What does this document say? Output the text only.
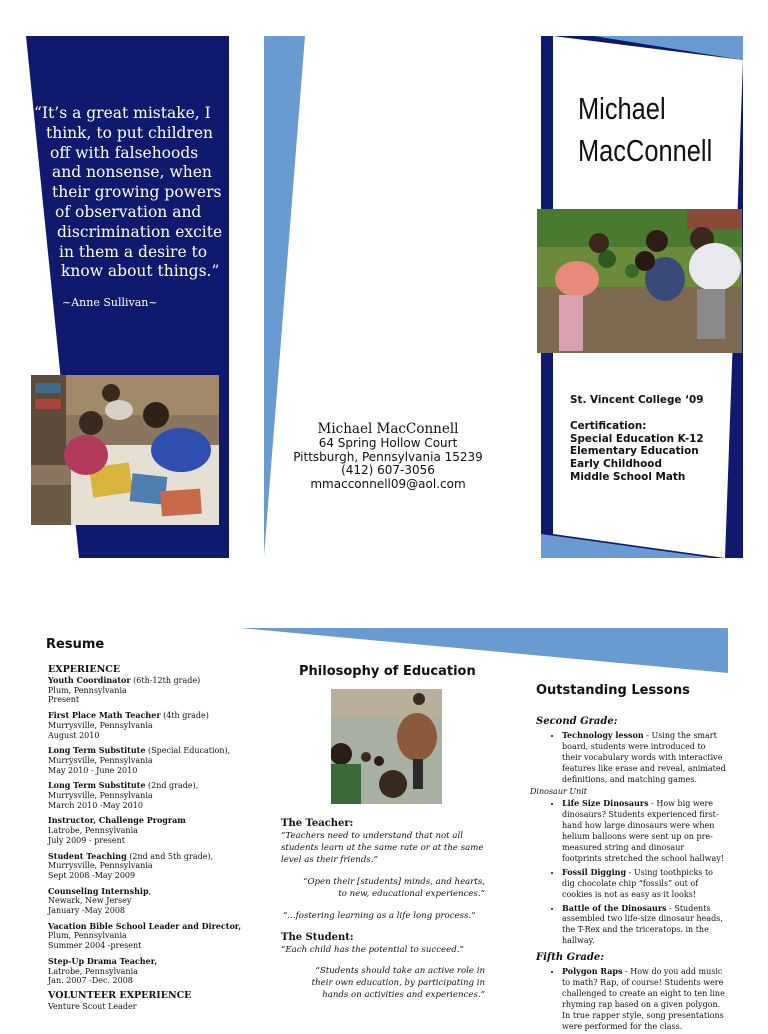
“It’s a great mistake, I
think, to put children
off with falsehoods
and nonsense, when
their growing powers
of observation and
discrimination excite
in them a desire to
know about things.”
~Anne Sullivan~
Michael MacConnell
64 Spring Hollow Court
Pittsburgh, Pennsylvania 15239
(412) 607-3056
mmacconnell09@aol.com
Michael
MacConnell
St. Vincent College ‘09
Certification:
Special Education K-12
Elementary Education
Early Childhood
Middle School Math
Resume
EXPERIENCE
Youth Coordinator (6th-12th grade)
Plum, Pennsylvania
Present
First Place Math Teacher (4th grade)
Murrysville, Pennsylvania
August 2010
Long Term Substitute (Special Education),
Murrysville, Pennsylvania
May 2010 - June 2010
Long Term Substitute (2nd grade),
Murrysville, Pennsylvania
March 2010 -May 2010
Instructor, Challenge Program
Latrobe, Pennsylvania
July 2009 - present
Student Teaching (2nd and 5th grade),
Murrysville, Pennsylvania
Sept 2008 -May 2009
Counseling Internship,
Newark, New Jersey
January -May 2008
Vacation Bible School Leader and Director,
Plum, Pennsylvania
Summer 2004 -present
Step-Up Drama Teacher,
Latrobe, Pennsylvania
Jan. 2007 -Dec. 2008
VOLUNTEER EXPERIENCE
Venture Scout Leader
Philosophy of Education

The Teacher:

“Teachers need to understand that not all students learn at the same rate or at the same level as their friends.”

“Open their [students] minds, and hearts, to new, educational experiences.”

“...fostering learning as a life long process.”

The Student:

“Each child has the potential to succeed.”

“Students should take an active role in their own education, by participating in hands on activities and experiences.”

Outstanding Lessons

Second Grade:

• Technology lesson - Using the smart board, students were introduced to their vocabulary words with interactive features like erase and reveal, animated definitions, and matching games.
Dinosaur Unit
• Life Size Dinosaurs - How big were dinosaurs? Students experienced first-hand how large dinosaurs were when helium balloons were sent up on pre-measured string and dinosaur footprints stretched the school hallway!
• Fossil Digging - Using toothpicks to dig chocolate chip “fossils” out of cookies is not as easy as it looks!
• Battle of the Dinosaurs - Students assembled two life-size dinosaur heads, the T-Rex and the triceratops. in the hallway.

Fifth Grade:

• Polygon Raps - How do you add music to math? Rap, of course! Students were challenged to create an eight to ten line rhyming rap based on a given polygon. In true rapper style, song presentations were performed for the class.
